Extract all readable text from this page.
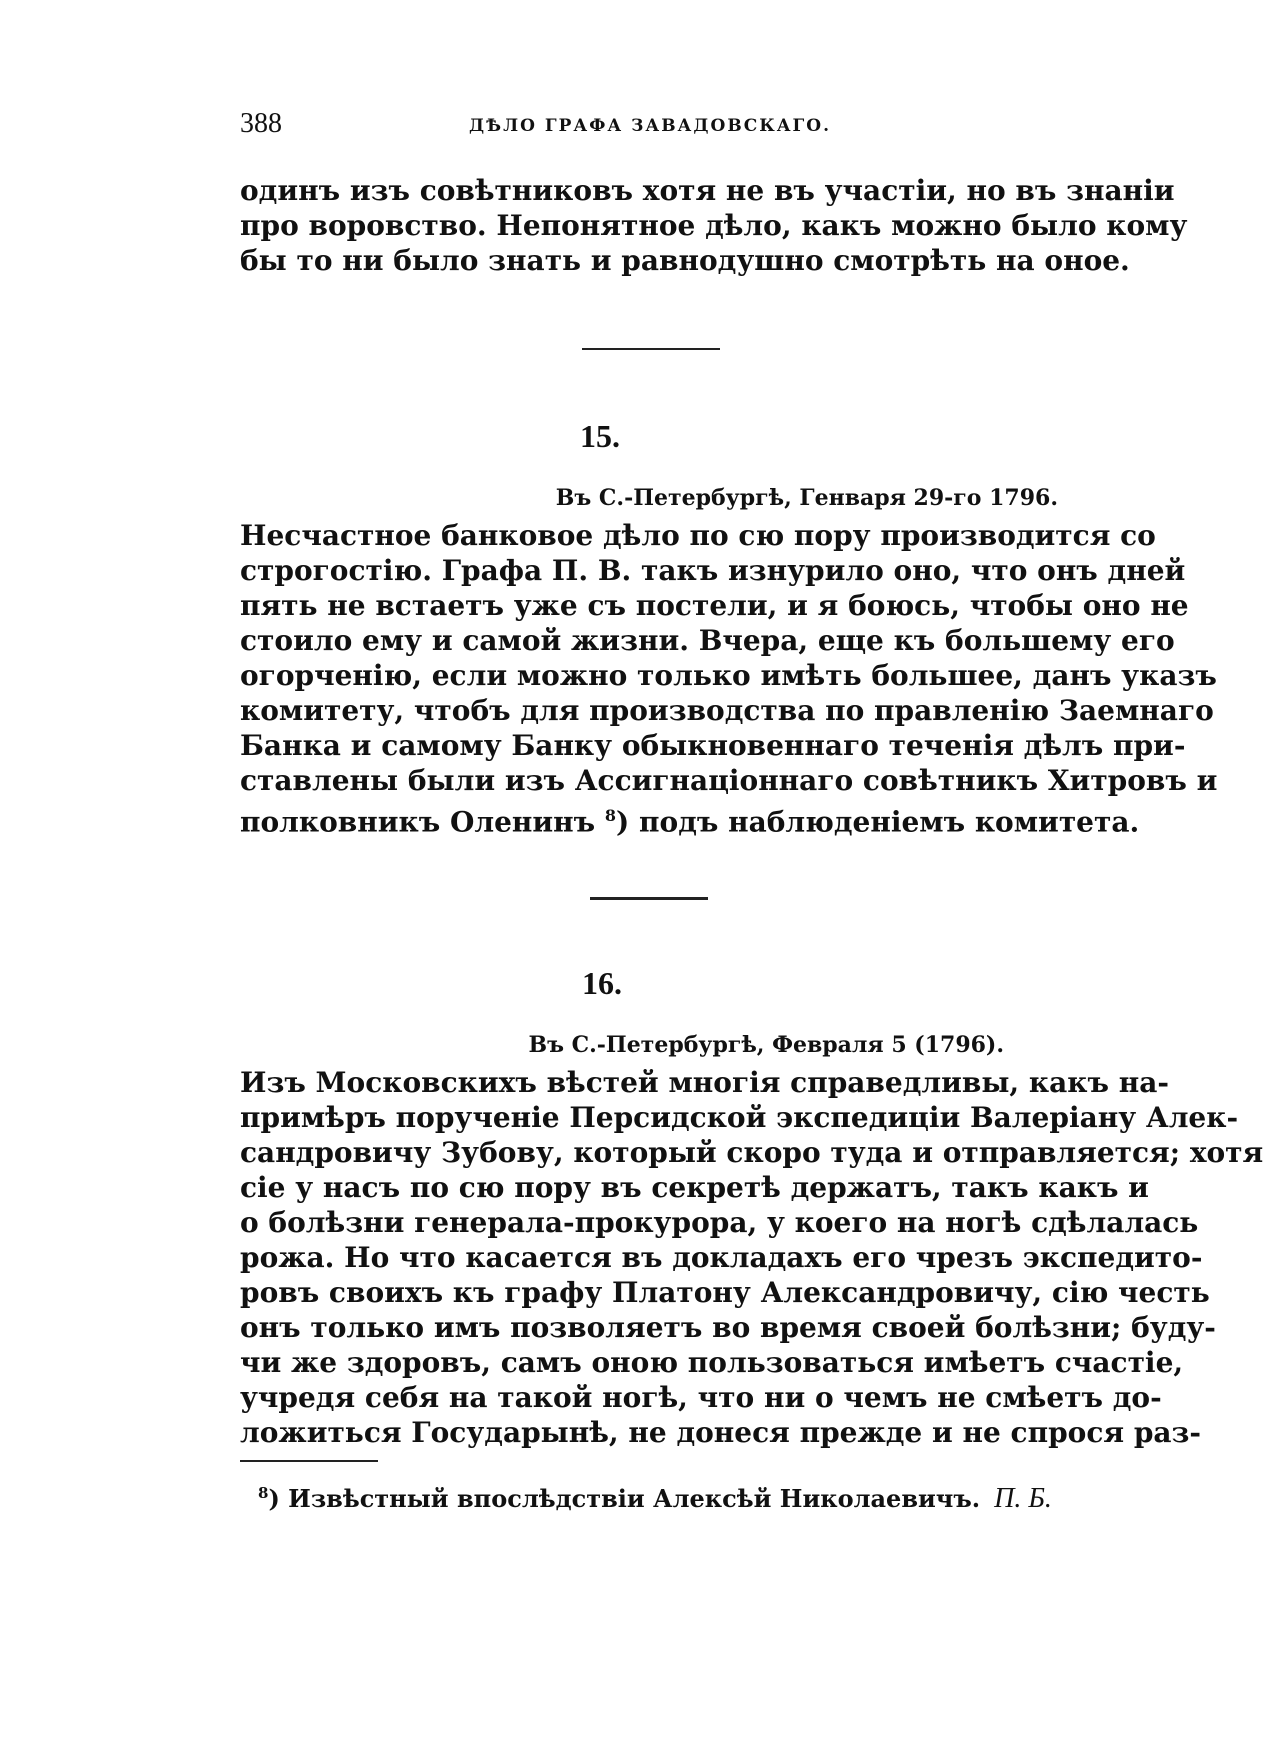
388	ДѢЛО ГРАФА ЗАВАДОВСКАГО.
одинъ изъ совѣтниковъ хотя не въ участіи, но въ знаніи
про воровство. Непонятное дѣло, какъ можно было кому
бы то ни было знать и равнодушно смотрѣть на оное.
15.
Въ С.-Петербургѣ, Генваря 29-го 1796.
Несчастное банковое дѣло по сю пору производится со
строгостію. Графа П. В. такъ изнурило оно, что онъ дней
пять не встаетъ уже съ постели, и я боюсь, чтобы оно не
стоило ему и самой жизни. Вчера, еще къ большему его
огорченію, если можно только имѣть большее, данъ указъ
комитету, чтобъ для производства по правленію Заемнаго
Банка и самому Банку обыкновеннаго теченія дѣлъ при-
ставлены были изъ Ассигнаціоннаго совѣтникъ Хитровъ и
полковникъ Оленинъ $^8$) подъ наблюденіемъ комитета.
16.
Въ С.-Петербургѣ, Февраля 5 (1796).
Изъ Московскихъ вѣстей многія справедливы, какъ на-
примѣръ порученіе Персидской экспедиціи Валеріану Алек-
сандровичу Зубову, который скоро туда и отправляется; хотя
сіе у насъ по сю пору въ секретѣ держатъ, такъ какъ и
о болѣзни генерала-прокурора, у коего на ногѣ сдѣлалась
рожа. Но что касается въ докладахъ его чрезъ экспедито-
ровъ своихъ къ графу Платону Александровичу, сію честь
онъ только имъ позволяетъ во время своей болѣзни; буду-
чи же здоровъ, самъ оною пользоваться имѣетъ счастіе,
учредя себя на такой ногѣ, что ни о чемъ не смѣетъ до-
ложиться Государынѣ, не донеся прежде и не спрося раз-
$^8$) Извѣстный впослѣдствіи Алексѣй Николаевичъ. П. Б.
